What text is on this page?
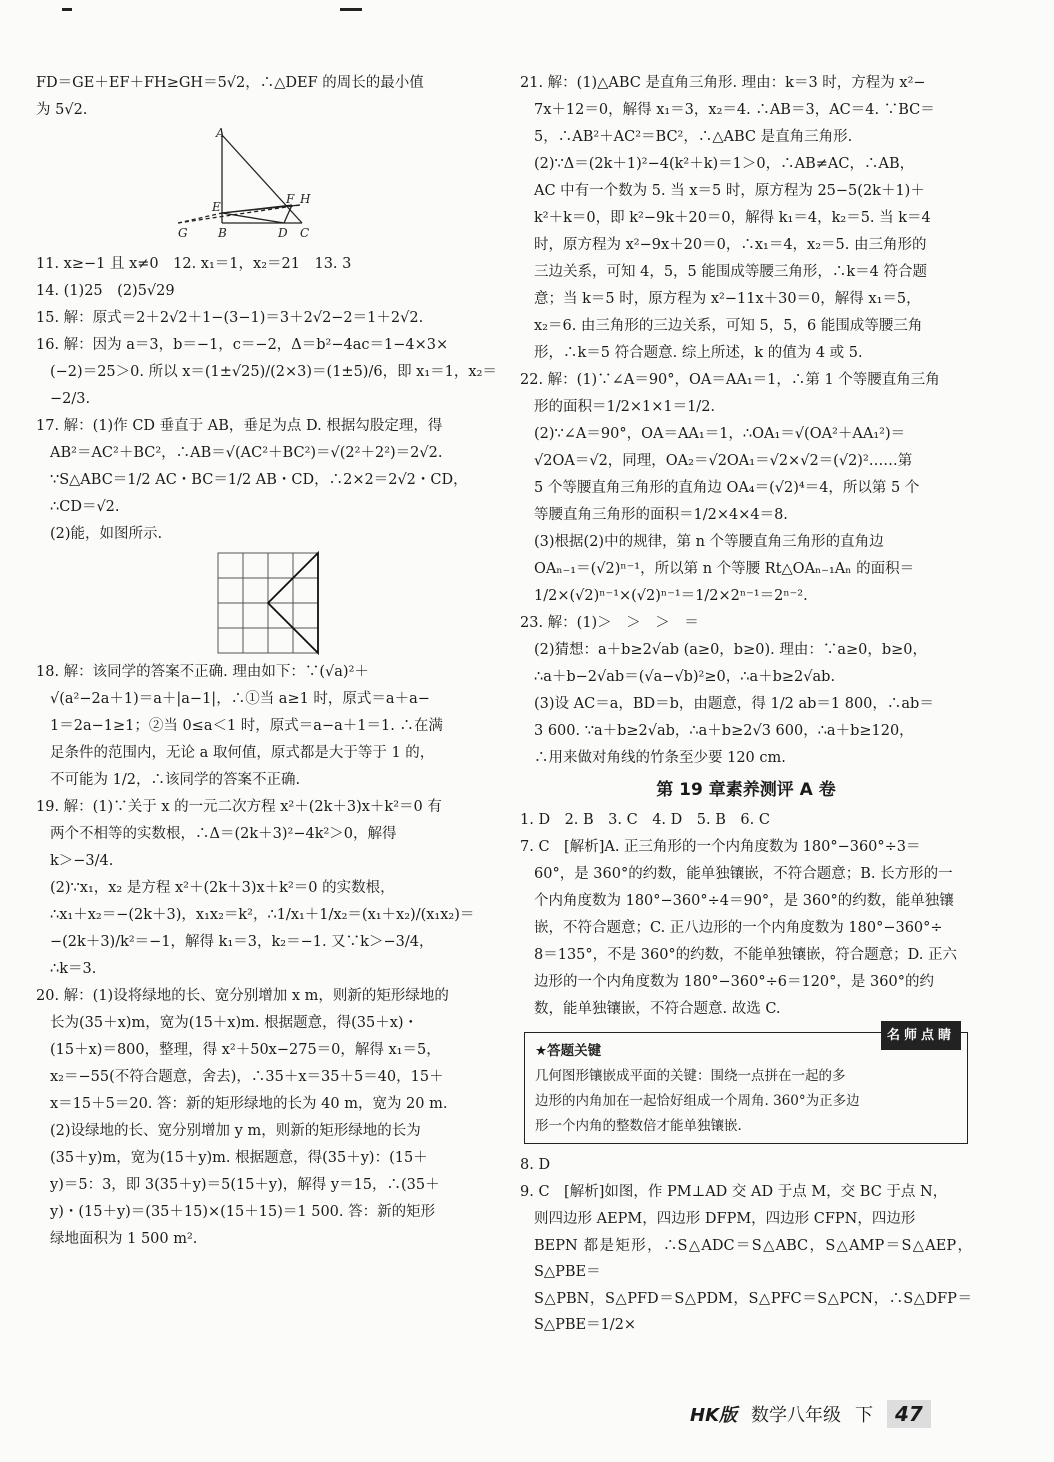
FD＝GE＋EF＋FH≥GH＝5√2，∴△DEF 的周长的最小值

为 5√2.

A
E
F H
G	B	D C

11. x≥−1 且 x≠0　12. x₁＝1，x₂＝21　13. 3

14. (1)25　(2)5√29

15. 解：原式＝2＋2√2＋1−(3−1)＝3＋2√2−2＝1＋2√2.

16. 解：因为 a＝3，b＝−1，c＝−2，Δ＝b²−4ac＝1−4×3×

(−2)＝25＞0. 所以 x＝(1±√25)/(2×3)＝(1±5)/6，即 x₁＝1，x₂＝

−2/3.

17. 解：(1)作 CD 垂直于 AB，垂足为点 D. 根据勾股定理，得

AB²＝AC²＋BC²，∴AB＝√(AC²＋BC²)＝√(2²＋2²)＝2√2.

∵S△ABC＝1/2 AC・BC＝1/2 AB・CD，∴2×2＝2√2・CD，

∴CD＝√2.

(2)能，如图所示.

18. 解：该同学的答案不正确. 理由如下：∵(√a)²＋

√(a²−2a＋1)＝a＋|a−1|，∴①当 a≥1 时，原式＝a＋a−

1＝2a−1≥1；②当 0≤a＜1 时，原式＝a−a＋1＝1. ∴在满

足条件的范围内，无论 a 取何值，原式都是大于等于 1 的，

不可能为 1/2，∴该同学的答案不正确.

19. 解：(1)∵关于 x 的一元二次方程 x²＋(2k＋3)x＋k²＝0 有

两个不相等的实数根，∴Δ＝(2k＋3)²−4k²＞0，解得

k＞−3/4.

(2)∵x₁，x₂ 是方程 x²＋(2k＋3)x＋k²＝0 的实数根，

∴x₁＋x₂＝−(2k＋3)，x₁x₂＝k²，∴1/x₁＋1/x₂＝(x₁＋x₂)/(x₁x₂)＝

−(2k＋3)/k²＝−1，解得 k₁＝3，k₂＝−1. 又∵k＞−3/4，

∴k＝3.

20. 解：(1)设将绿地的长、宽分别增加 x m，则新的矩形绿地的

长为(35＋x)m，宽为(15＋x)m. 根据题意，得(35＋x)・

(15＋x)＝800，整理，得 x²＋50x−275＝0，解得 x₁＝5，

x₂＝−55(不符合题意，舍去)，∴35＋x＝35＋5＝40，15＋

x＝15＋5＝20. 答：新的矩形绿地的长为 40 m，宽为 20 m.

(2)设绿地的长、宽分别增加 y m，则新的矩形绿地的长为

(35＋y)m，宽为(15＋y)m. 根据题意，得(35＋y)：(15＋

y)＝5：3，即 3(35＋y)＝5(15＋y)，解得 y＝15，∴(35＋

y)・(15＋y)＝(35＋15)×(15＋15)＝1 500. 答：新的矩形

绿地面积为 1 500 m².

21. 解：(1)△ABC 是直角三角形. 理由：k＝3 时，方程为 x²−

7x＋12＝0，解得 x₁＝3，x₂＝4. ∴AB＝3，AC＝4. ∵BC＝

5，∴AB²＋AC²＝BC²，∴△ABC 是直角三角形.

(2)∵Δ＝(2k＋1)²−4(k²＋k)＝1＞0，∴AB≠AC，∴AB，

AC 中有一个数为 5. 当 x＝5 时，原方程为 25−5(2k＋1)＋

k²＋k＝0，即 k²−9k＋20＝0，解得 k₁＝4，k₂＝5. 当 k＝4

时，原方程为 x²−9x＋20＝0，∴x₁＝4，x₂＝5. 由三角形的

三边关系，可知 4，5，5 能围成等腰三角形，∴k＝4 符合题

意；当 k＝5 时，原方程为 x²−11x＋30＝0，解得 x₁＝5，

x₂＝6. 由三角形的三边关系，可知 5，5，6 能围成等腰三角

形，∴k＝5 符合题意. 综上所述，k 的值为 4 或 5.

22. 解：(1)∵∠A＝90°，OA＝AA₁＝1，∴第 1 个等腰直角三角

形的面积＝1/2×1×1＝1/2.

(2)∵∠A＝90°，OA＝AA₁＝1，∴OA₁＝√(OA²＋AA₁²)＝

√2OA＝√2，同理，OA₂＝√2OA₁＝√2×√2＝(√2)²……第

5 个等腰直角三角形的直角边 OA₄＝(√2)⁴＝4，所以第 5 个

等腰直角三角形的面积＝1/2×4×4＝8.

(3)根据(2)中的规律，第 n 个等腰直角三角形的直角边

OAₙ₋₁＝(√2)ⁿ⁻¹，所以第 n 个等腰 Rt△OAₙ₋₁Aₙ 的面积＝

1/2×(√2)ⁿ⁻¹×(√2)ⁿ⁻¹＝1/2×2ⁿ⁻¹＝2ⁿ⁻².

23. 解：(1)＞　＞　＞　＝

(2)猜想：a＋b≥2√ab (a≥0，b≥0). 理由：∵a≥0，b≥0，

∴a＋b−2√ab＝(√a−√b)²≥0，∴a＋b≥2√ab.

(3)设 AC＝a，BD＝b，由题意，得 1/2 ab＝1 800，∴ab＝

3 600. ∵a＋b≥2√ab，∴a＋b≥2√3 600，∴a＋b≥120，

∴用来做对角线的竹条至少要 120 cm.

第 19 章素养测评 A 卷

1. D　2. B　3. C　4. D　5. B　6. C

7. C　[解析]A. 正三角形的一个内角度数为 180°−360°÷3＝

60°，是 360°的约数，能单独镶嵌，不符合题意；B. 长方形的一

个内角度数为 180°−360°÷4＝90°，是 360°的约数，能单独镶

嵌，不符合题意；C. 正八边形的一个内角度数为 180°−360°÷

8＝135°，不是 360°的约数，不能单独镶嵌，符合题意；D. 正六

边形的一个内角度数为 180°−360°÷6＝120°，是 360°的约

数，能单独镶嵌，不符合题意. 故选 C.

名师点睛
★答题关键
几何图形镶嵌成平面的关键：围绕一点拼在一起的多
边形的内角加在一起恰好组成一个周角. 360°为正多边
形一个内角的整数倍才能单独镶嵌.

8. D

9. C　[解析]如图，作 PM⊥AD 交 AD 于点 M，交 BC 于点 N，

则四边形 AEPM，四边形 DFPM，四边形 CFPN，四边形

BEPN 都是矩形，∴S△ADC＝S△ABC，S△AMP＝S△AEP，S△PBE＝

S△PBN，S△PFD＝S△PDM，S△PFC＝S△PCN，∴S△DFP＝S△PBE＝1/2×

HK版 数学八年级 下	47
